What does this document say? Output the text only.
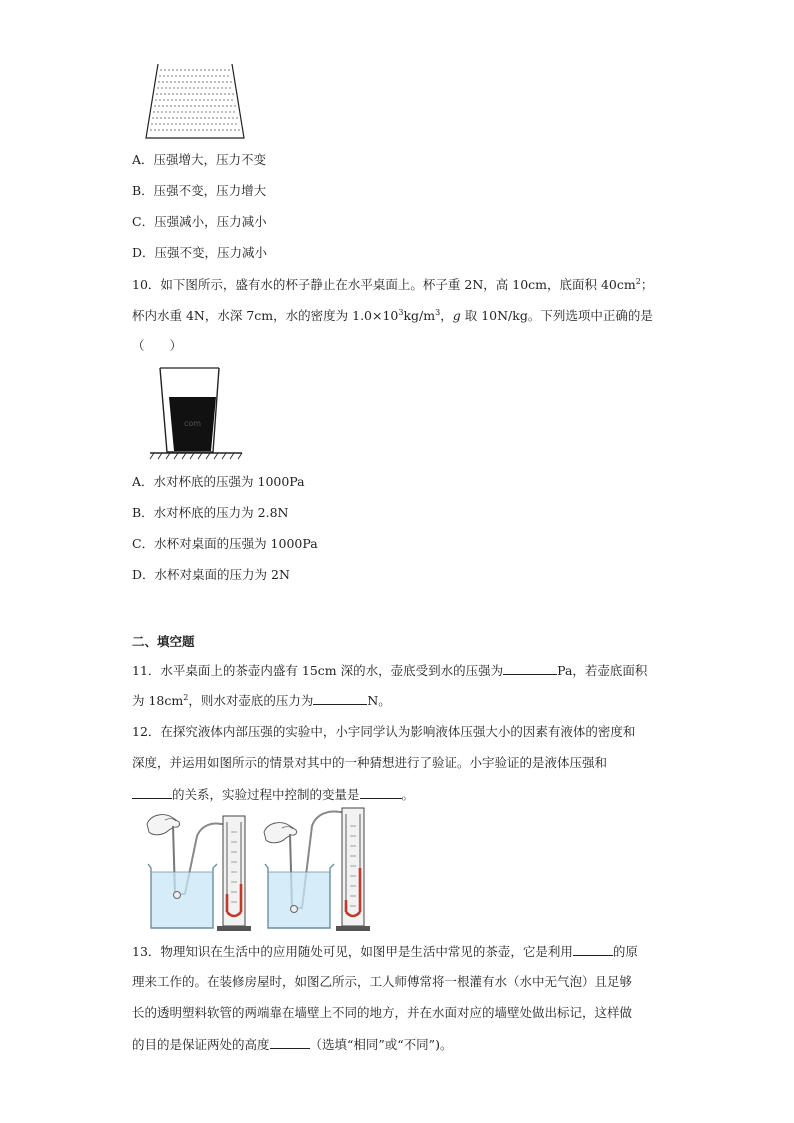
A．压强增大，压力不变
B．压强不变，压力增大
C．压强减小，压力减小
D．压强不变，压力减小
10．如下图所示，盛有水的杯子静止在水平桌面上。杯子重 2N，高 10cm，底面积 $40cm^2$；
杯内水重 4N，水深 7cm，水的密度为 $1.0\times 10^3kg/m^3$，g 取 10N/kg。下列选项中正确的是
（　　）
com
A．水对杯底的压强为 1000Pa
B．水对杯底的压力为 2.8N
C．水杯对桌面的压强为 1000Pa
D．水杯对桌面的压力为 2N
二、填空题
11．水平桌面上的茶壶内盛有 15cm 深的水，壶底受到水的压强为	Pa，若壶底面积
为 $18cm^2$，则水对壶底的压力为	N。
12．在探究液体内部压强的实验中，小宇同学认为影响液体压强大小的因素有液体的密度和
深度，并运用如图所示的情景对其中的一种猜想进行了验证。小宇验证的是液体压强和
的关系，实验过程中控制的变量是	。
13．物理知识在生活中的应用随处可见，如图甲是生活中常见的茶壶，它是利用	的原
理来工作的。在装修房屋时，如图乙所示，工人师傅常将一根灌有水（水中无气泡）且足够
长的透明塑料软管的两端靠在墙壁上不同的地方，并在水面对应的墙壁处做出标记，这样做
的目的是保证两处的高度	（选填“相同”或“不同”)。
